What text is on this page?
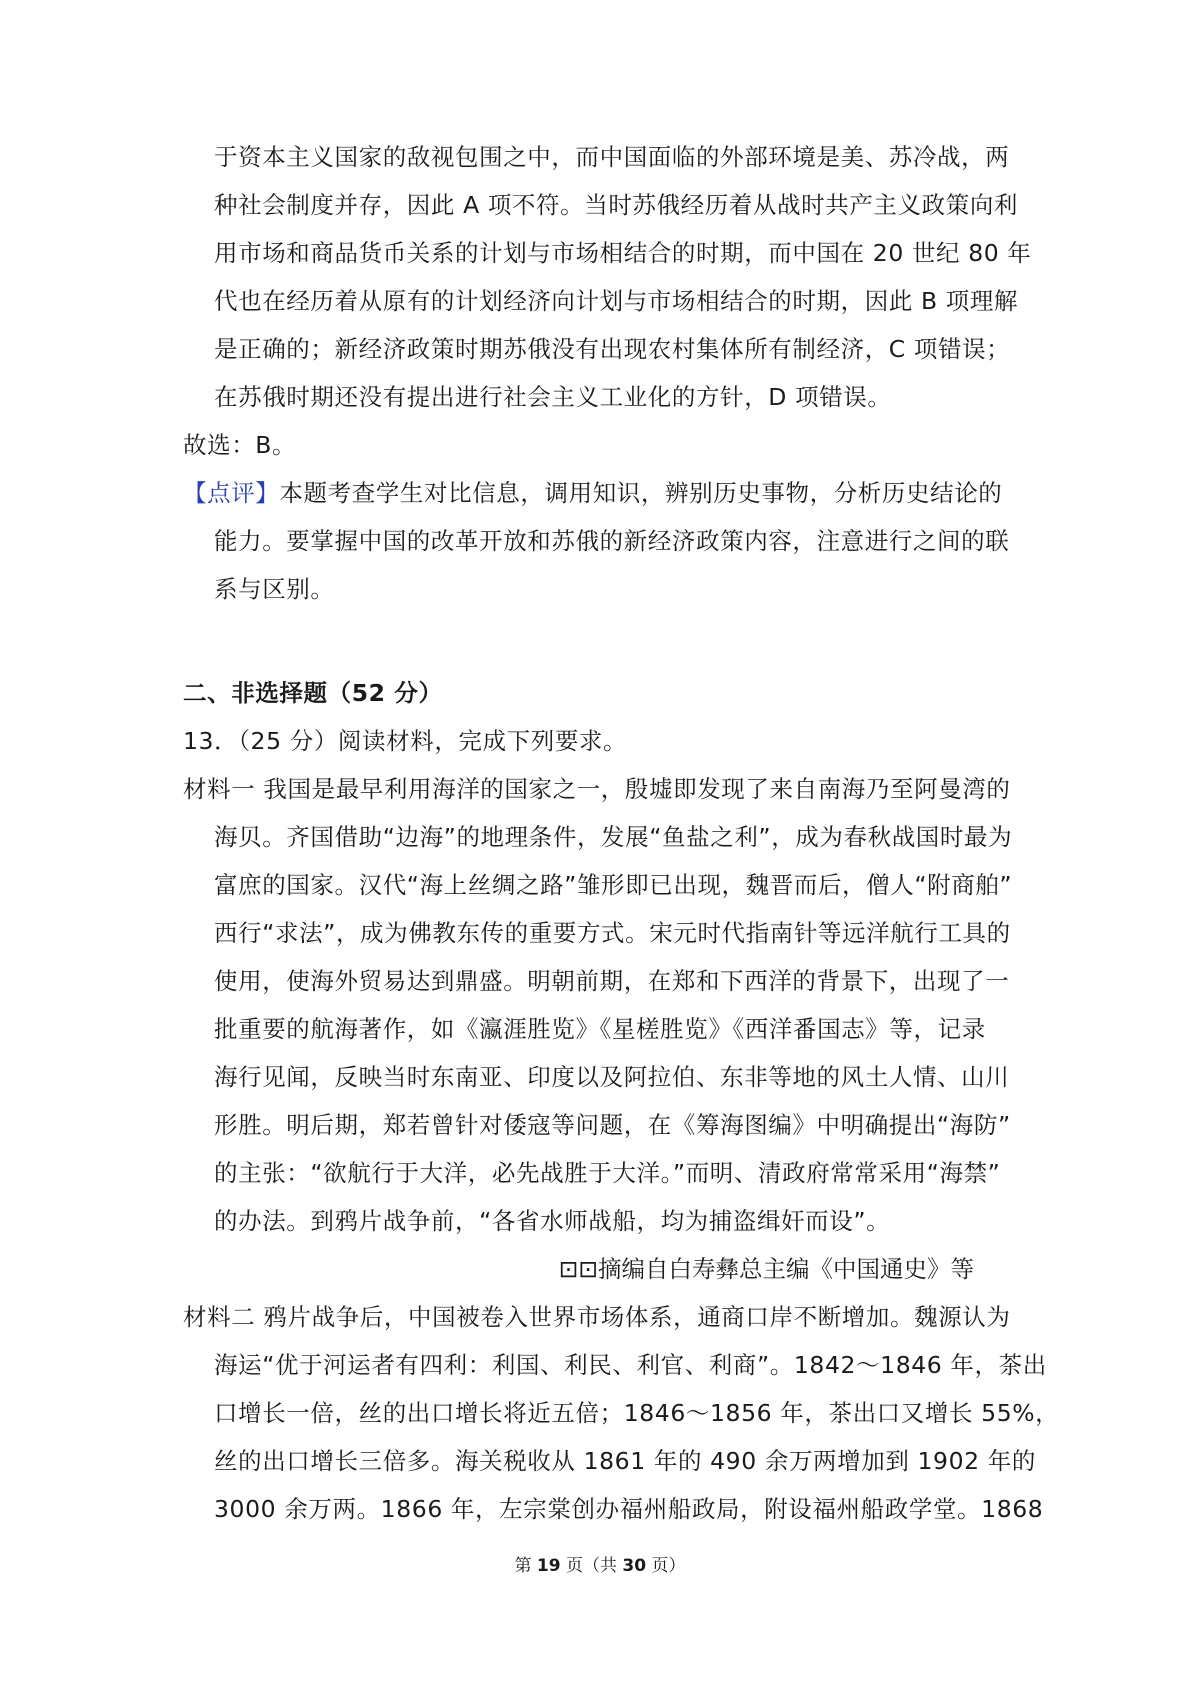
于资本主义国家的敌视包围之中，而中国面临的外部环境是美、苏冷战，两
种社会制度并存，因此 A 项不符。当时苏俄经历着从战时共产主义政策向利
用市场和商品货币关系的计划与市场相结合的时期，而中国在 20 世纪 80 年
代也在经历着从原有的计划经济向计划与市场相结合的时期，因此 B 项理解
是正确的；新经济政策时期苏俄没有出现农村集体所有制经济，C 项错误；
在苏俄时期还没有提出进行社会主义工业化的方针，D 项错误。
故选：B。
【点评】本题考查学生对比信息，调用知识，辨别历史事物，分析历史结论的
能力。要掌握中国的改革开放和苏俄的新经济政策内容，注意进行之间的联
系与区别。
二、非选择题（52 分）
13．（25 分）阅读材料，完成下列要求。
材料一 我国是最早利用海洋的国家之一，殷墟即发现了来自南海乃至阿曼湾的
海贝。齐国借助“边海”的地理条件，发展“鱼盐之利”，成为春秋战国时最为
富庶的国家。汉代“海上丝绸之路”雏形即已出现，魏晋而后，僧人“附商舶”
西行“求法”，成为佛教东传的重要方式。宋元时代指南针等远洋航行工具的
使用，使海外贸易达到鼎盛。明朝前期，在郑和下西洋的背景下，出现了一
批重要的航海著作，如《瀛涯胜览》《星槎胜览》《西洋番国志》等，记录
海行见闻，反映当时东南亚、印度以及阿拉伯、东非等地的风土人情、山川
形胜。明后期，郑若曾针对倭寇等问题，在《筹海图编》中明确提出“海防”
的主张：“欲航行于大洋，必先战胜于大洋。”而明、清政府常常采用“海禁”
的办法。到鸦片战争前，“各省水师战船，均为捕盗缉奸而设”。
⊡⊡摘编自白寿彝总主编《中国通史》等
材料二 鸦片战争后，中国被卷入世界市场体系，通商口岸不断增加。魏源认为
海运“优于河运者有四利：利国、利民、利官、利商”。1842～1846 年，茶出
口增长一倍，丝的出口增长将近五倍；1846～1856 年，茶出口又增长 55%，
丝的出口增长三倍多。海关税收从 1861 年的 490 余万两增加到 1902 年的
3000 余万两。1866 年，左宗棠创办福州船政局，附设福州船政学堂。1868
第 19 页（共 30 页）
